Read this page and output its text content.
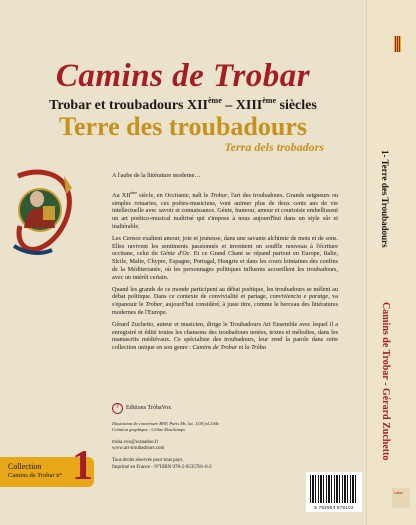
Camins de Trobar
Trobar et troubadours XIIème – XIIIème siècles
Terre des troubadours
Terra dels trobadors

A l'aube de la littérature moderne…

Au XIIème siècle, en Occitanie, naît le Trobar, l'art des troubadours. Grands seigneurs ou simples rotuaries, ces poètes-musiciens, vont animer plus de deux cents ans de vie intellectuelle avec savoir et connaissance. Génie, humour, amour et courtoisie embellissent un art poético-musical maîtrisé qui s'impose à nous aujourd'hui dans un style sûr et inaltérable.

Les Cansos exaltent amour, joie et jeunesse, dans une savante alchimie de mots et de sons. Elles ravivent les sentiments passionnés et inventent un souffle nouveau à l'écriture occitane, celui du Génie d'Oc. Et ce Grand Chant se répand partout en Europe, Italie, Sicile, Malte, Chypre, Espagne, Portugal, Hongrie et dans les cours lointaines des confins de la Méditerranée, où les personnages politiques influents accueillent les troubadours, avec un intérêt certain.

Quand les grands de ce monde participent au débat poétique, les troubadours se mêlent au débat politique. Dans ce contexte de convivialité et partage, conviviencia e paratge, va s'épanouir le Trobar, aujourd'hui considéré, à juste titre, comme le berceau des littératures modernes de l'Europe.

Gérard Zuchetto, auteur et musicien, dirige le Troubadours Art Ensemble avec lequel il a enregistré et édité toutes les chansons des troubadours notées, textes et mélodies, dans les manuscrits médiévaux. Ce spécialiste des troubadours, leur rend la parole dans cette collection unique en son genre : Camins de Trobar et la Tròba

T	Editions TròbaVox
Illustration de couverture BNF, Paris Ms. lat. 1118 fol.104v
Création graphique : Céline Deschamps
troba.vox@wanadoo.fr
www.art-troubadours.com
Tous droits réservés pour tous pays.
Imprimé en France - N°ISBN 978-2-9535781-0-2
Collection
Camins de Trobar n° 1
9 782953 578102
1- Terre des Troubadours
Camins de Trobar - Gérard Zuchetto
Label
